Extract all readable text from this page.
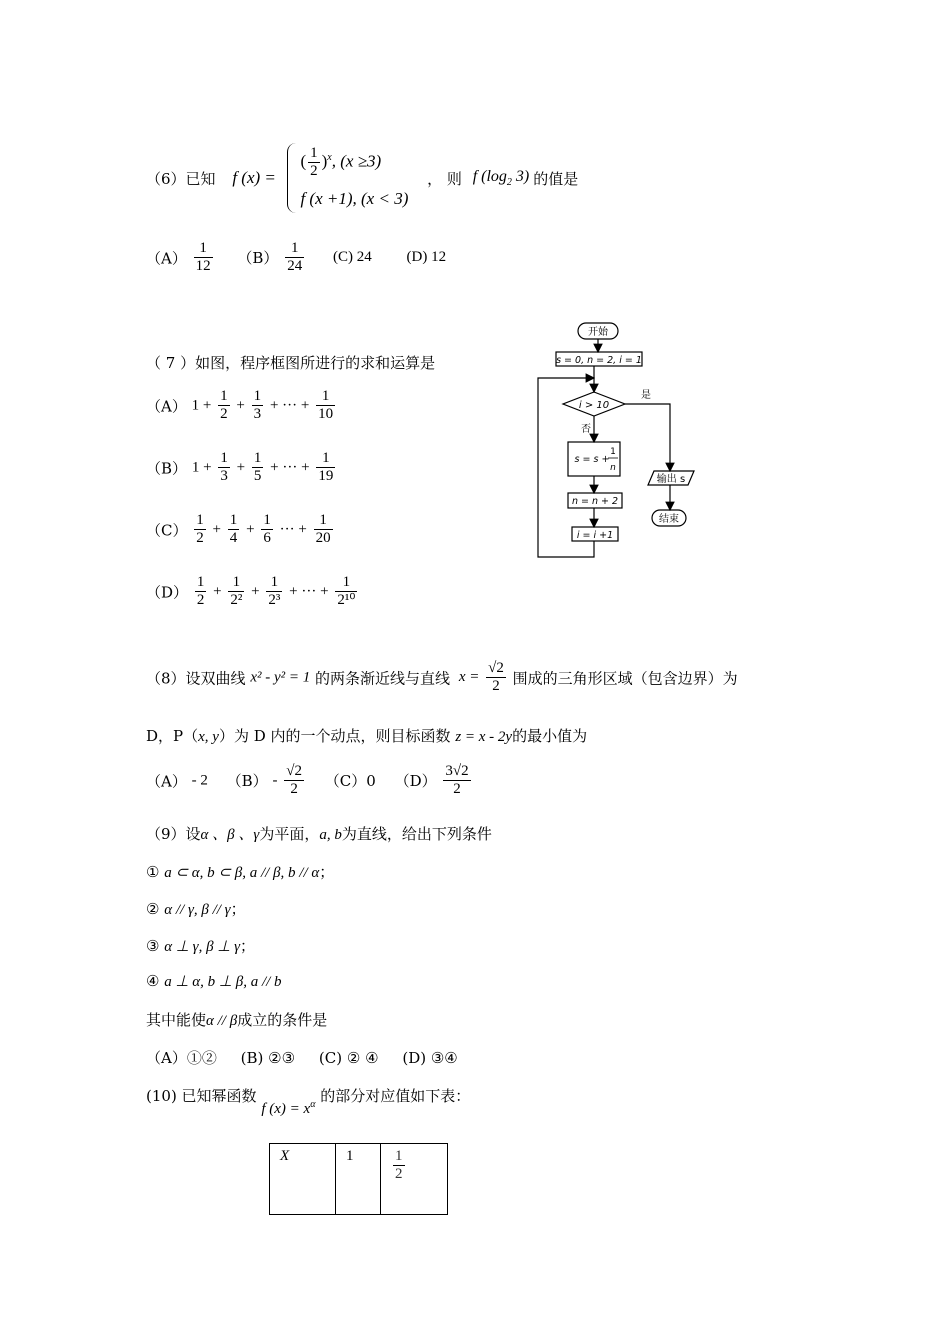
（6）已知 f (x) =
( $\frac{1}{2} )^x$, (x ≥3)
f (x +1), (x < 3)
， 则 f ($\log_2$ 3) 的值是
$(A) \frac{1}{12} (B) \frac{1}{24} (C)$ 24 (D) 12
（ 7 ）如图，程序框图所进行的求和运算是
（A） $1 + \frac{1}{2} + \frac{1}{3}$ + ··· + $\frac{1}{10}$
（B） $1 + \frac{1}{3} + \frac{1}{5}$ + ··· + $\frac{1}{19}$
$(C) \frac{1}{2} + \frac{1}{4} + \frac{1}{6}$ ··· + $\frac{1}{20}$
$(D) \frac{1}{2} + \frac{1}{\text{2²}} + \frac{1}{\text{2³}}$ + ··· + $\frac{1}{\text{2¹⁰}}$
开始
s = 0, n = 2, i = 1
i > 10
是
否
s = s +
1
n
n = n + 2
i = i +1
输出 s
结束
（8）设双曲线 x² - y² = 1 的两条渐近线与直线 $x = \frac{√2}{2}$ 围成的三角形区域（包含边界）为
D，P（x, y）为 D 内的一个动点，则目标函数 z = x - 2y的最小值为
（A） - 2 $(B) - \frac{√2}{2} (C)0$ $(D) \frac{3√2}{2}$
（9）设α 、β 、γ为平面，a, b为直线，给出下列条件
① a ⊂ α, b ⊂ β, a // β, b // α；
② α // γ, β // γ；
③ α ⊥ γ, β ⊥ γ；
④ a ⊥ α, b ⊥ β, a // b
其中能使α // β成立的条件是
（A）①②     (B) ②③     (C) ② ④     (D) ③④
(10) 已知幂函数 f $(x) = x^\alpha$ 的部分对应值如下表：
X	1	$\frac{1}{2}$
